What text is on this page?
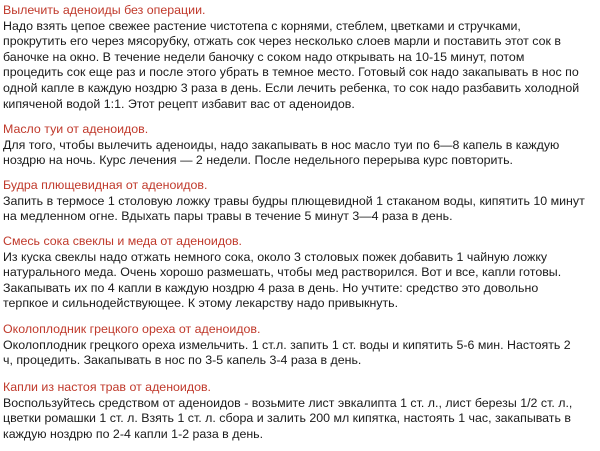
Вылечить аденоиды без операции.
Надо взять цепое свежее растение чистотепа с корнями, стеблем, цветками и стручками,
прокрутить его через мясорубку, отжать сок через несколько слоев марли и поставить этот сок в
баночке на окно. В течение недели баночку с соком надо открывать на 10-15 минут, потом
процедить сок еще раз и после этого убрать в темное место. Готовый сок надо закапывать в нос по
одной капле в каждую ноздрю 3 раза в день. Если лечить ребенка, то сок надо разбавить холодной
кипяченой водой 1:1. Этот рецепт избавит вас от аденоидов.
Масло туи от аденоидов.
Для того, чтобы вылечить аденоиды, надо закапывать в нос масло туи по 6—8 капель в каждую
ноздрю на ночь. Курс лечения — 2 недели. После недельного перерыва курс повторить.
Будра плющевидная от аденоидов.
Запить в термосе 1 столовую ложку травы будры плющевидной 1 стаканом воды, кипятить 10 минут
на медленном огне. Вдыхать пары травы в течение 5 минут 3—4 раза в день.
Смесь сока свеклы и меда от аденоидов.
Из куска свеклы надо отжать немного сока, около 3 столовых пожек добавить 1 чайную ложку
натурального меда. Очень хорошо размешать, чтобы мед растворился. Вот и все, капли готовы.
Закапывать их по 4 капли в каждую ноздрю 4 раза в день. Но учтите: средство это довольно
терпкое и сильнодействующее. К этому лекарству надо привыкнуть.
Околоплодник грецкого ореха от аденоидов.
Околоплодник грецкого ореха измельчить. 1 ст.л. запить 1 ст. воды и кипятить 5-6 мин. Настоять 2
ч, процедить. Закапывать в нос по 3-5 капель 3-4 раза в день.
Капли из настоя трав от аденоидов.
Воспользуйтесь средством от аденоидов - возьмите лист эвкалипта 1 ст. л., лист березы 1/2 ст. л.,
цветки ромашки 1 ст. л. Взять 1 ст. л. сбора и залить 200 мл кипятка, настоять 1 час, закапывать в
каждую ноздрю по 2-4 капли 1-2 раза в день.
